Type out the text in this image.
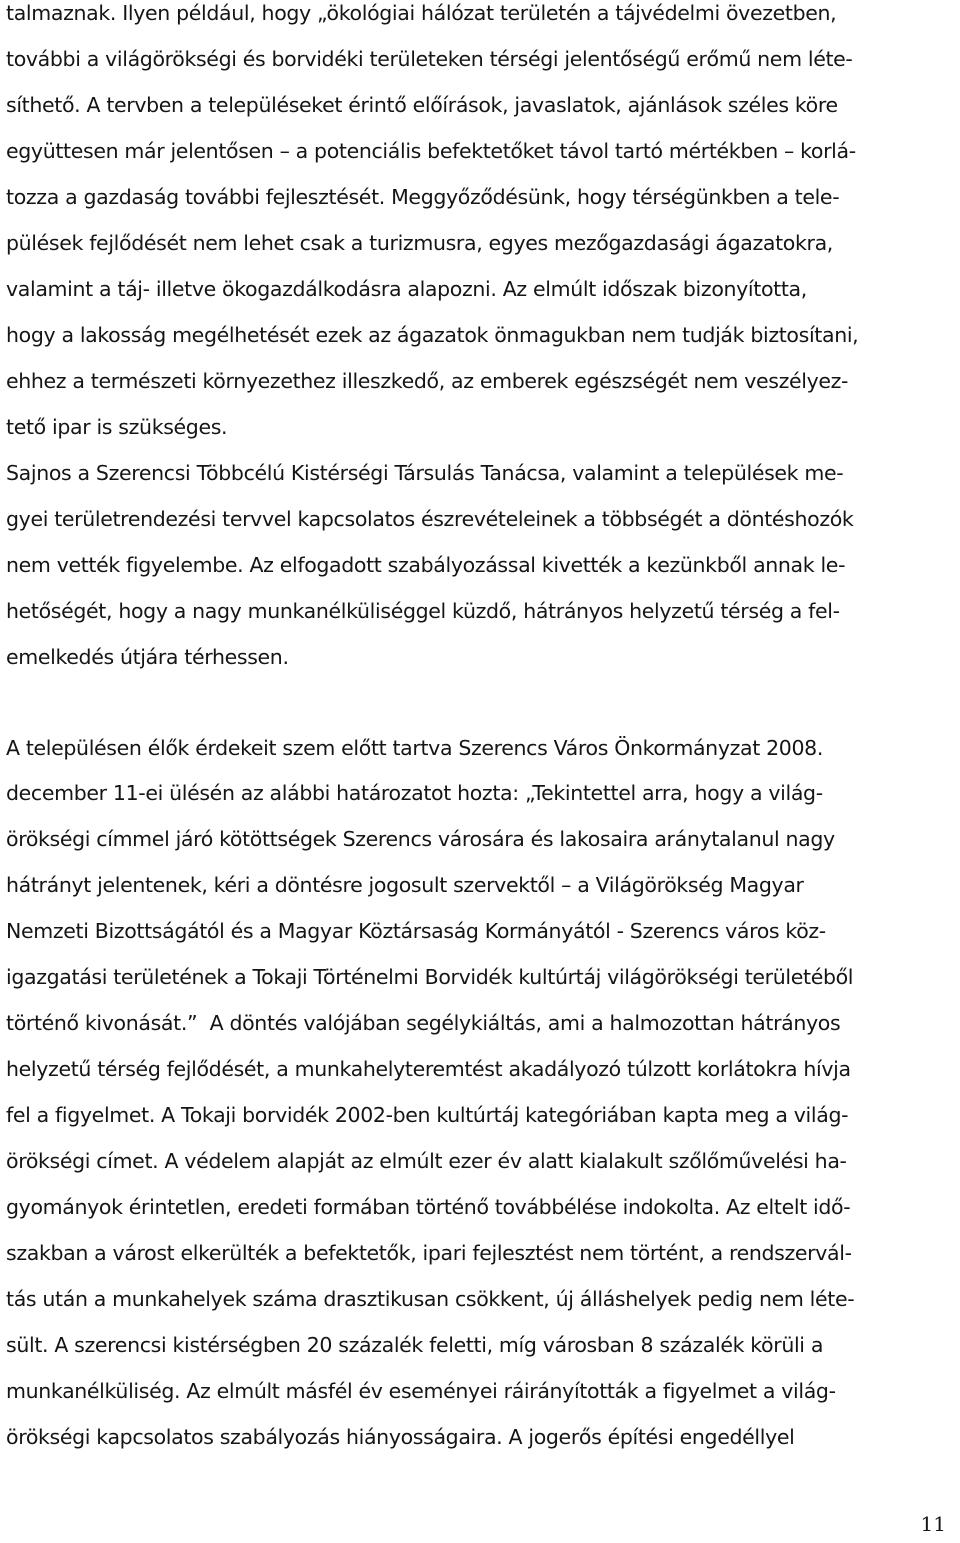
talmaznak. Ilyen például, hogy „ökológiai hálózat területén a tájvédelmi övezetben,
további a világörökségi és borvidéki területeken térségi jelentőségű erőmű nem léte-
síthető. A tervben a településeket érintő előírások, javaslatok, ajánlások széles köre
együttesen már jelentősen – a potenciális befektetőket távol tartó mértékben – korlá-
tozza a gazdaság további fejlesztését. Meggyőződésünk, hogy térségünkben a tele-
pülések fejlődését nem lehet csak a turizmusra, egyes mezőgazdasági ágazatokra,
valamint a táj- illetve ökogazdálkodásra alapozni. Az elmúlt időszak bizonyította,
hogy a lakosság megélhetését ezek az ágazatok önmagukban nem tudják biztosítani,
ehhez a természeti környezethez illeszkedő, az emberek egészségét nem veszélyez-
tető ipar is szükséges.
Sajnos a Szerencsi Többcélú Kistérségi Társulás Tanácsa, valamint a települések me-
gyei területrendezési tervvel kapcsolatos észrevételeinek a többségét a döntéshozók
nem vették figyelembe. Az elfogadott szabályozással kivették a kezünkből annak le-
hetőségét, hogy a nagy munkanélküliséggel küzdő, hátrányos helyzetű térség a fel-
emelkedés útjára térhessen.
A településen élők érdekeit szem előtt tartva Szerencs Város Önkormányzat 2008.
december 11-ei ülésén az alábbi határozatot hozta: „Tekintettel arra, hogy a világ-
örökségi címmel járó kötöttségek Szerencs városára és lakosaira aránytalanul nagy
hátrányt jelentenek, kéri a döntésre jogosult szervektől – a Világörökség Magyar
Nemzeti Bizottságától és a Magyar Köztársaság Kormányától - Szerencs város köz-
igazgatási területének a Tokaji Történelmi Borvidék kultúrtáj világörökségi területéből
történő kivonását.”  A döntés valójában segélykiáltás, ami a halmozottan hátrányos
helyzetű térség fejlődését, a munkahelyteremtést akadályozó túlzott korlátokra hívja
fel a figyelmet. A Tokaji borvidék 2002-ben kultúrtáj kategóriában kapta meg a világ-
örökségi címet. A védelem alapját az elmúlt ezer év alatt kialakult szőlőművelési ha-
gyományok érintetlen, eredeti formában történő továbbélése indokolta. Az eltelt idő-
szakban a várost elkerülték a befektetők, ipari fejlesztést nem történt, a rendszervál-
tás után a munkahelyek száma drasztikusan csökkent, új álláshelyek pedig nem léte-
sült. A szerencsi kistérségben 20 százalék feletti, míg városban 8 százalék körüli a
munkanélküliség. Az elmúlt másfél év eseményei ráirányították a figyelmet a világ-
örökségi kapcsolatos szabályozás hiányosságaira. A jogerős építési engedéllyel
11
